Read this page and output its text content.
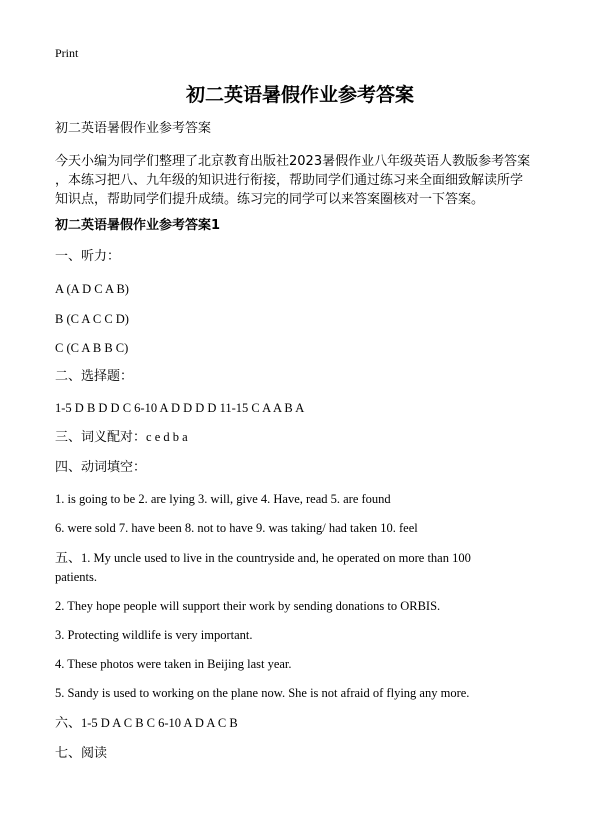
Print
初二英语暑假作业参考答案
初二英语暑假作业参考答案
今天小编为同学们整理了北京教育出版社2023暑假作业八年级英语人教版参考答案
，本练习把八、九年级的知识进行衔接，帮助同学们通过练习来全面细致解读所学
知识点，帮助同学们提升成绩。练习完的同学可以来答案圈核对一下答案。
初二英语暑假作业参考答案1
一、听力：
A (A D C A B)
B (C A C C D)
C (C A B B C)
二、选择题：
1-5 D B D D C 6-10 A D D D D 11-15 C A A B A
三、词义配对：c e d b a
四、动词填空：
1. is going to be 2. are lying 3. will, give 4. Have, read 5. are found
6. were sold 7. have been 8. not to have 9. was taking/ had taken 10. feel
五、1. My uncle used to live in the countryside and, he operated on more than 100
patients.
2. They hope people will support their work by sending donations to ORBIS.
3. Protecting wildlife is very important.
4. These photos were taken in Beijing last year.
5. Sandy is used to working on the plane now. She is not afraid of flying any more.
六、1-5 D A C B C 6-10 A D A C B
七、阅读
